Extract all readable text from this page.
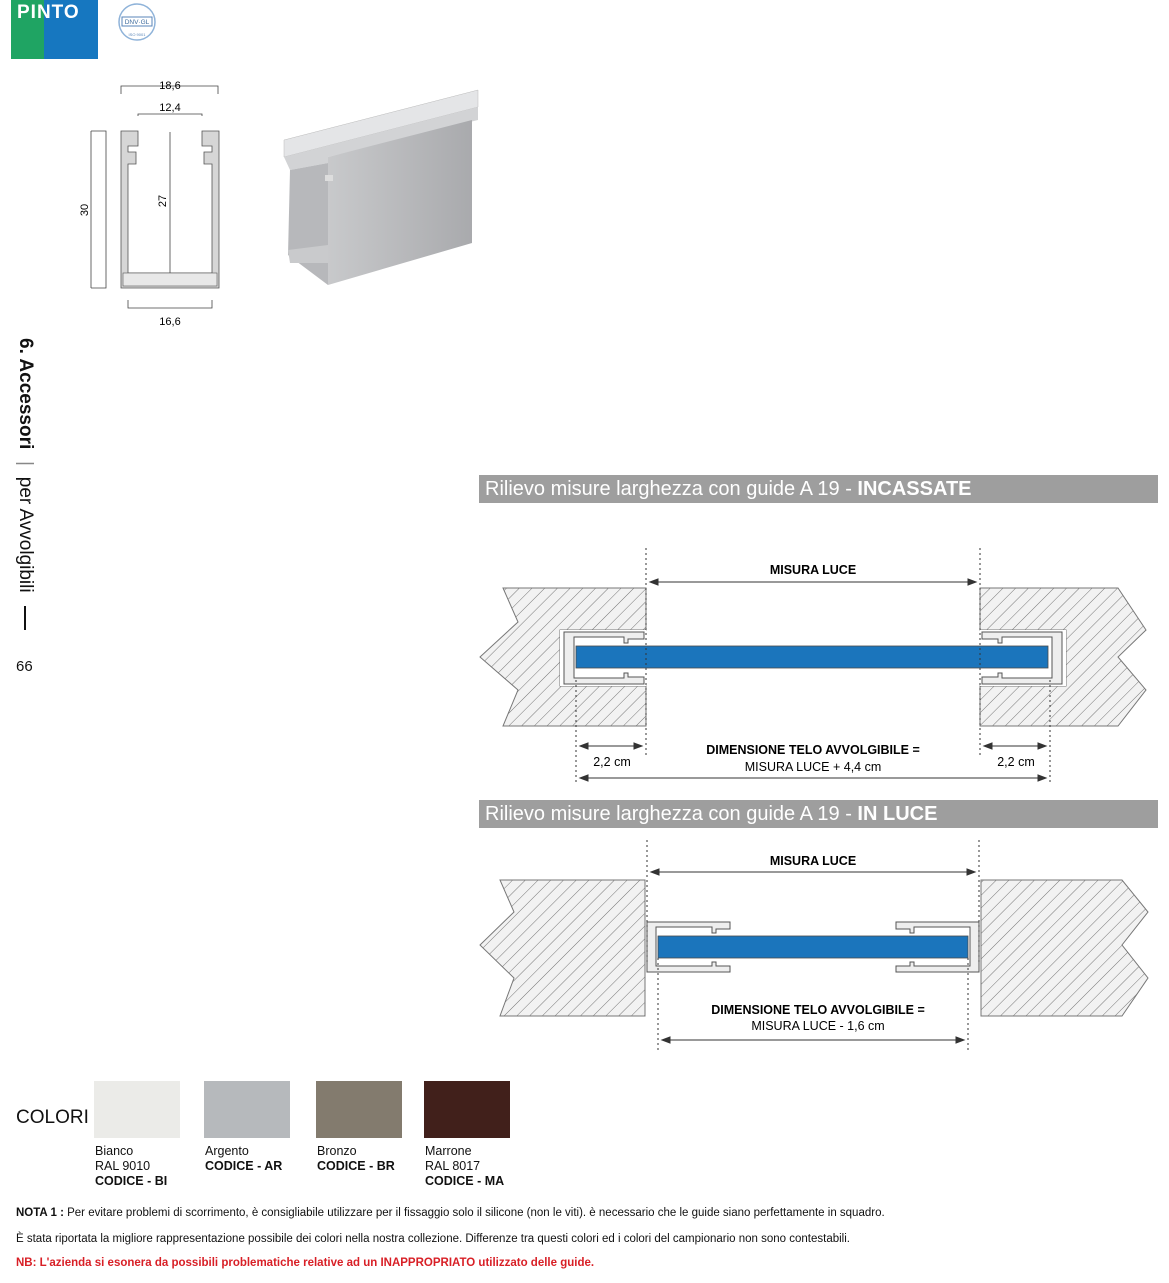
PINTO	DNV·GL
ISO 9001
18,6
12,4
30
27
16,6
6. Accessori | per Avvolgibili
66
Rilievo misure larghezza con guide A 19 - INCASSATE
MISURA LUCE
DIMENSIONE TELO AVVOLGIBILE =
MISURA LUCE + 4,4 cm
2,2 cm	2,2 cm
Rilievo misure larghezza con guide A 19 - IN LUCE
MISURA LUCE
DIMENSIONE TELO AVVOLGIBILE =
MISURA LUCE - 1,6 cm
COLORI
Bianco
RAL 9010
CODICE - BI
Argento
CODICE - AR
Bronzo
CODICE - BR
Marrone
RAL 8017
CODICE - MA
NOTA 1 : Per evitare problemi di scorrimento, è consigliabile utilizzare per il fissaggio solo il silicone (non le viti). è necessario che le guide siano perfettamente in squadro.
È stata riportata la migliore rappresentazione possibile dei colori nella nostra collezione. Differenze tra questi colori ed i colori del campionario non sono contestabili.
NB: L'azienda si esonera da possibili problematiche relative ad un INAPPROPRIATO utilizzato delle guide.
